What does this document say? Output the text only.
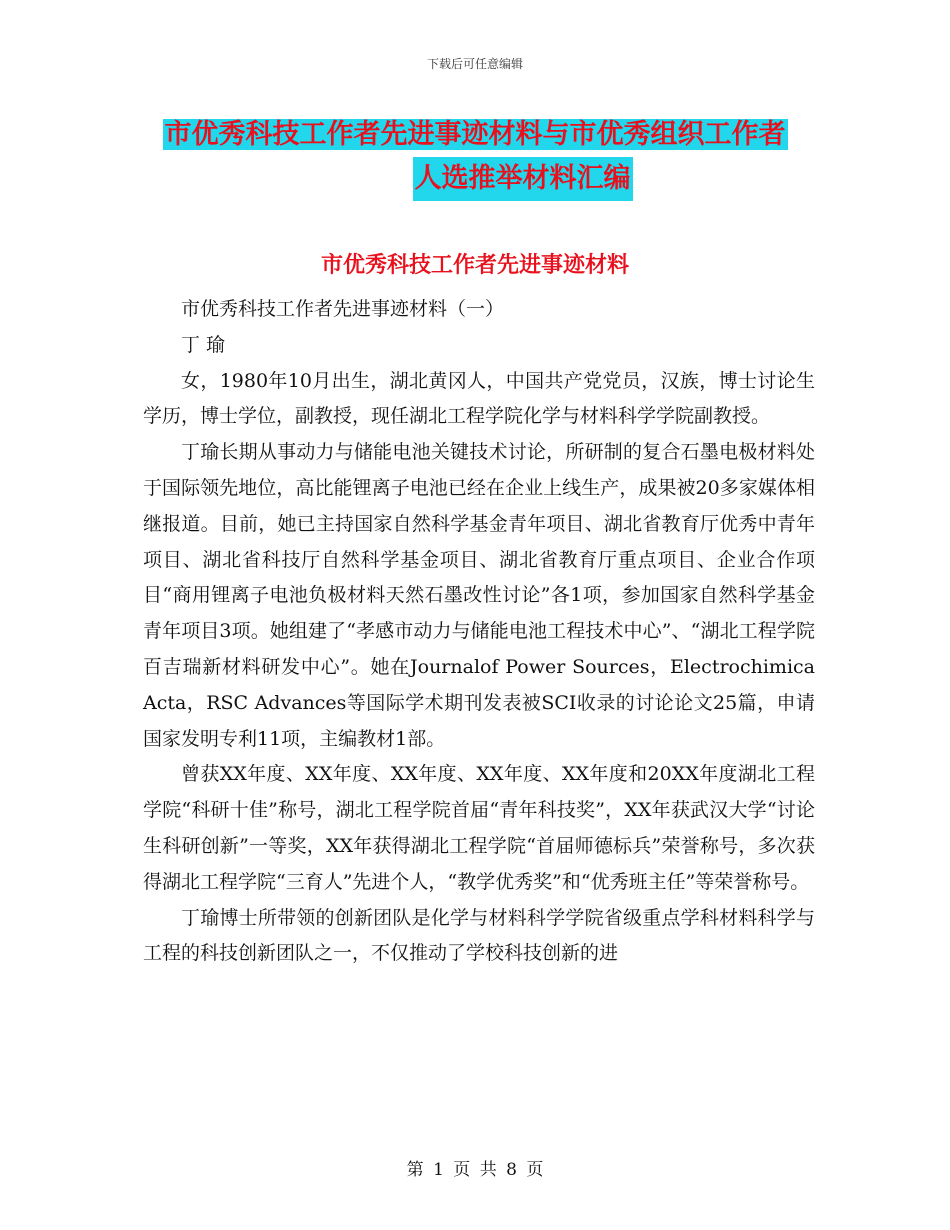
下载后可任意编辑
市优秀科技工作者先进事迹材料与市优秀组织工作者
人选推举材料汇编
市优秀科技工作者先进事迹材料

市优秀科技工作者先进事迹材料（一）

丁 瑜

女，1980年10月出生，湖北黄冈人，中国共产党党员，汉族，博士讨论生学历，博士学位，副教授，现任湖北工程学院化学与材料科学学院副教授。

丁瑜长期从事动力与储能电池关键技术讨论，所研制的复合石墨电极材料处于国际领先地位，高比能锂离子电池已经在企业上线生产，成果被20多家媒体相继报道。目前，她已主持国家自然科学基金青年项目、湖北省教育厅优秀中青年项目、湖北省科技厅自然科学基金项目、湖北省教育厅重点项目、企业合作项目“商用锂离子电池负极材料天然石墨改性讨论”各1项，参加国家自然科学基金青年项目3项。她组建了“孝感市动力与储能电池工程技术中心”、“湖北工程学院百吉瑞新材料研发中心”。她在Journalof Power Sources，Electrochimica Acta，RSC Advances等国际学术期刊发表被SCI收录的讨论论文25篇，申请国家发明专利11项，主编教材1部。

曾获XX年度、XX年度、XX年度、XX年度、XX年度和20XX年度湖北工程学院“科研十佳”称号，湖北工程学院首届“青年科技奖”，XX年获武汉大学“讨论生科研创新”一等奖，XX年获得湖北工程学院“首届师德标兵”荣誉称号，多次获得湖北工程学院“三育人”先进个人，“教学优秀奖”和“优秀班主任”等荣誉称号。

丁瑜博士所带领的创新团队是化学与材料科学学院省级重点学科材料科学与工程的科技创新团队之一，不仅推动了学校科技创新的进

第 1 页 共 8 页
